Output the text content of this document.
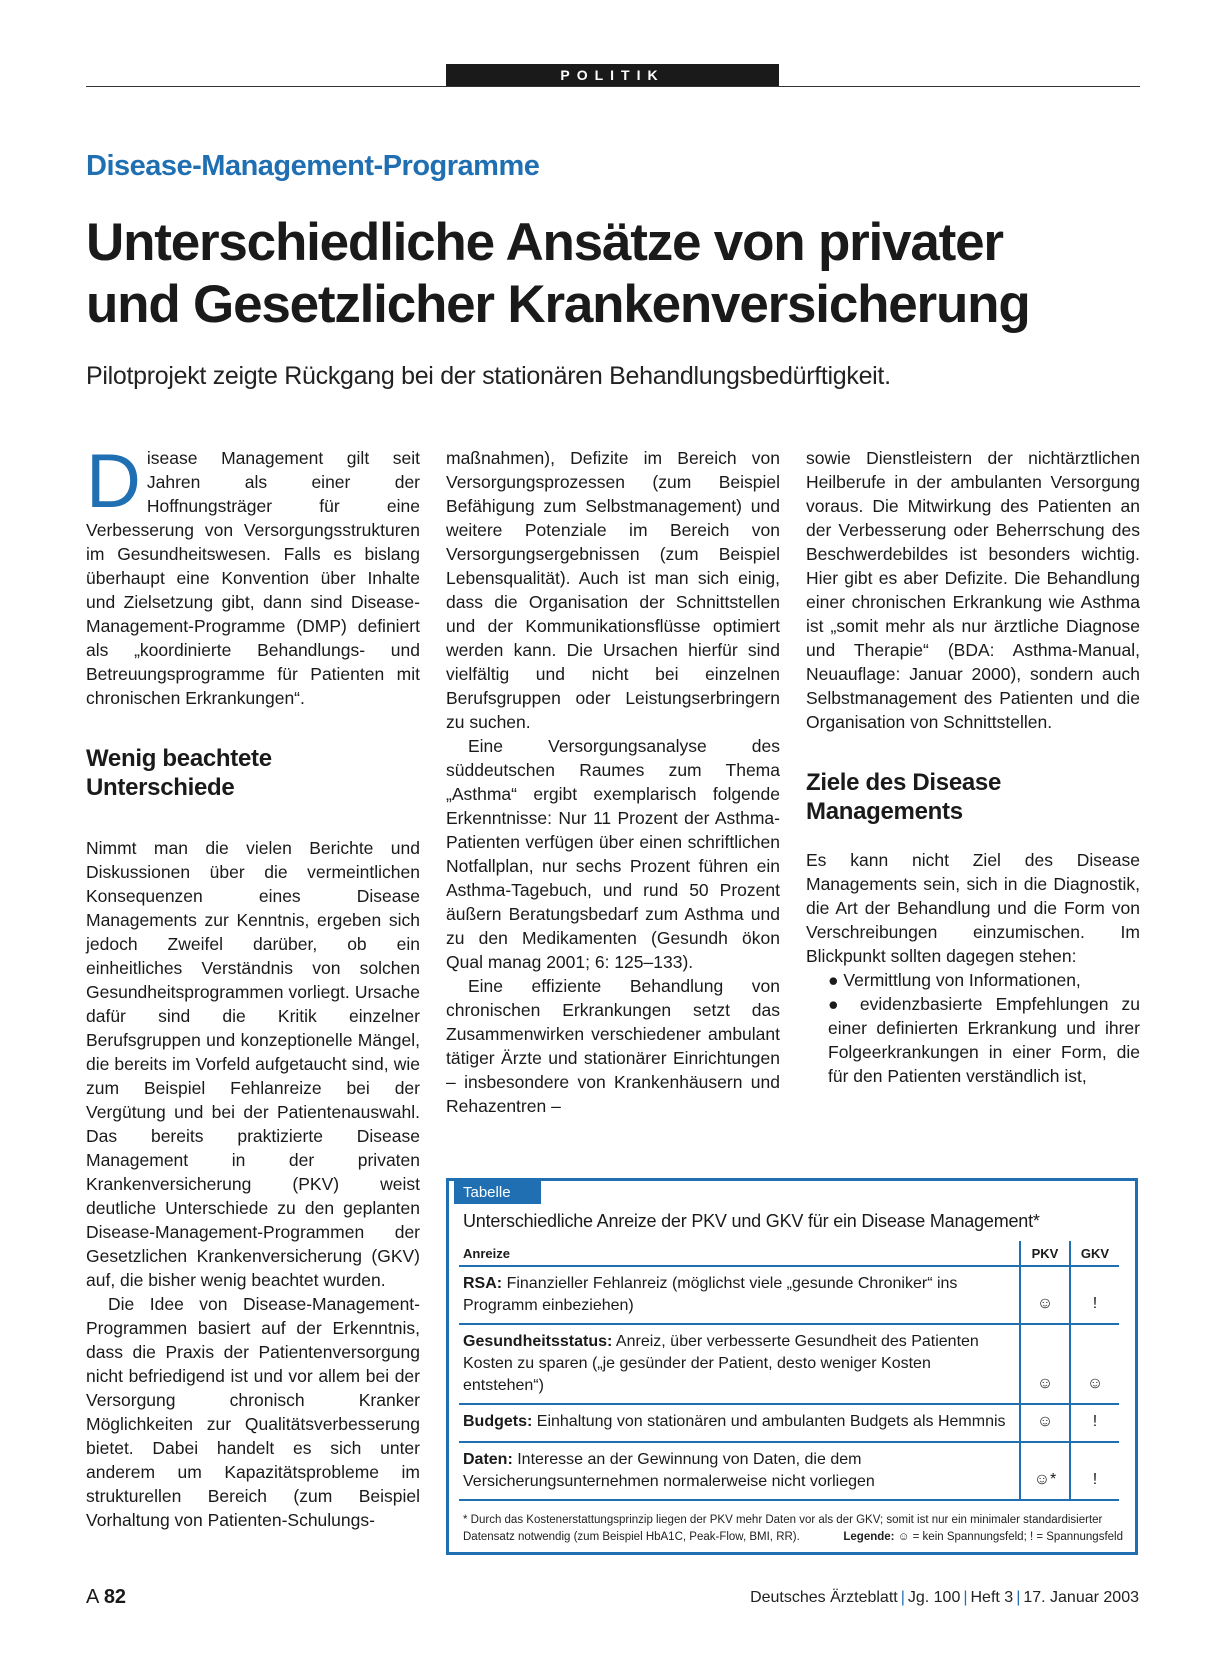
POLITIK
Disease-Management-Programme
Unterschiedliche Ansätze von privater
und Gesetzlicher Krankenversicherung
Pilotprojekt zeigte Rückgang bei der stationären Behandlungsbedürftigkeit.

Disease Management gilt seit Jahren als einer der Hoffnungsträger für eine Verbesserung von Versorgungsstrukturen im Gesundheitswesen. Falls es bislang überhaupt eine Konvention über Inhalte und Zielsetzung gibt, dann sind Disease-Management-Programme (DMP) definiert als „koordinierte Behandlungs- und Betreuungsprogramme für Patienten mit chronischen Erkrankungen“.

Wenig beachtete Unterschiede

Nimmt man die vielen Berichte und Diskussionen über die vermeintlichen Konsequenzen eines Disease Managements zur Kenntnis, ergeben sich jedoch Zweifel darüber, ob ein einheitliches Verständnis von solchen Gesundheitsprogrammen vorliegt. Ursache dafür sind die Kritik einzelner Berufsgruppen und konzeptionelle Mängel, die bereits im Vorfeld aufgetaucht sind, wie zum Beispiel Fehlanreize bei der Vergütung und bei der Patientenauswahl. Das bereits praktizierte Disease Management in der privaten Krankenversicherung (PKV) weist deutliche Unterschiede zu den geplanten Disease-Management-Programmen der Gesetzlichen Krankenversicherung (GKV) auf, die bisher wenig beachtet wurden.

Die Idee von Disease-Management-Programmen basiert auf der Erkenntnis, dass die Praxis der Patientenversorgung nicht befriedigend ist und vor allem bei der Versorgung chronisch Kranker Möglichkeiten zur Qualitätsverbesserung bietet. Dabei handelt es sich unter anderem um Kapazitätsprobleme im strukturellen Bereich (zum Beispiel Vorhaltung von Patienten-Schulungs-

maßnahmen), Defizite im Bereich von Versorgungsprozessen (zum Beispiel Befähigung zum Selbstmanagement) und weitere Potenziale im Bereich von Versorgungsergebnissen (zum Beispiel Lebensqualität). Auch ist man sich einig, dass die Organisation der Schnittstellen und der Kommunikationsflüsse optimiert werden kann. Die Ursachen hierfür sind vielfältig und nicht bei einzelnen Berufsgruppen oder Leistungserbringern zu suchen.

Eine Versorgungsanalyse des süddeutschen Raumes zum Thema „Asthma“ ergibt exemplarisch folgende Erkenntnisse: Nur 11 Prozent der Asthma-Patienten verfügen über einen schriftlichen Notfallplan, nur sechs Prozent führen ein Asthma-Tagebuch, und rund 50 Prozent äußern Beratungsbedarf zum Asthma und zu den Medikamenten (Gesundh ökon Qual manag 2001; 6: 125–133).

Eine effiziente Behandlung von chronischen Erkrankungen setzt das Zusammenwirken verschiedener ambulant tätiger Ärzte und stationärer Einrichtungen – insbesondere von Krankenhäusern und Rehazentren –

sowie Dienstleistern der nichtärztlichen Heilberufe in der ambulanten Versorgung voraus. Die Mitwirkung des Patienten an der Verbesserung oder Beherrschung des Beschwerdebildes ist besonders wichtig. Hier gibt es aber Defizite. Die Behandlung einer chronischen Erkrankung wie Asthma ist „somit mehr als nur ärztliche Diagnose und Therapie“ (BDA: Asthma-Manual, Neuauflage: Januar 2000), sondern auch Selbstmanagement des Patienten und die Organisation von Schnittstellen.

Ziele des Disease Managements

Es kann nicht Ziel des Disease Managements sein, sich in die Diagnostik, die Art der Behandlung und die Form von Verschreibungen einzumischen. Im Blickpunkt sollten dagegen stehen:

● Vermittlung von Informationen,

● evidenzbasierte Empfehlungen zu einer definierten Erkrankung und ihrer Folgeerkrankungen in einer Form, die für den Patienten verständlich ist,

Tabelle
Unterschiedliche Anreize der PKV und GKV für ein Disease Management*
Anreize	PKV	GKV
RSA: Finanzieller Fehlanreiz (möglichst viele „gesunde Chroniker“ ins Programm einbeziehen)	☺	!
Gesundheitsstatus: Anreiz, über verbesserte Gesundheit des Patienten Kosten zu sparen („je gesünder der Patient, desto weniger Kosten entstehen“)	☺	☺
Budgets: Einhaltung von stationären und ambulanten Budgets als Hemmnis	☺	!
Daten: Interesse an der Gewinnung von Daten, die dem Versicherungsunternehmen normalerweise nicht vorliegen	☺*	!
* Durch das Kostenerstattungsprinzip liegen der PKV mehr Daten vor als der GKV; somit ist nur ein minimaler standardisierter Datensatz notwendig (zum Beispiel HbA1C, Peak-Flow, BMI, RR).	Legende: ☺ = kein Spannungsfeld; ! = Spannungsfeld
A 82	Deutsches Ärzteblatt | Jg. 100 | Heft 3 | 17. Januar 2003
